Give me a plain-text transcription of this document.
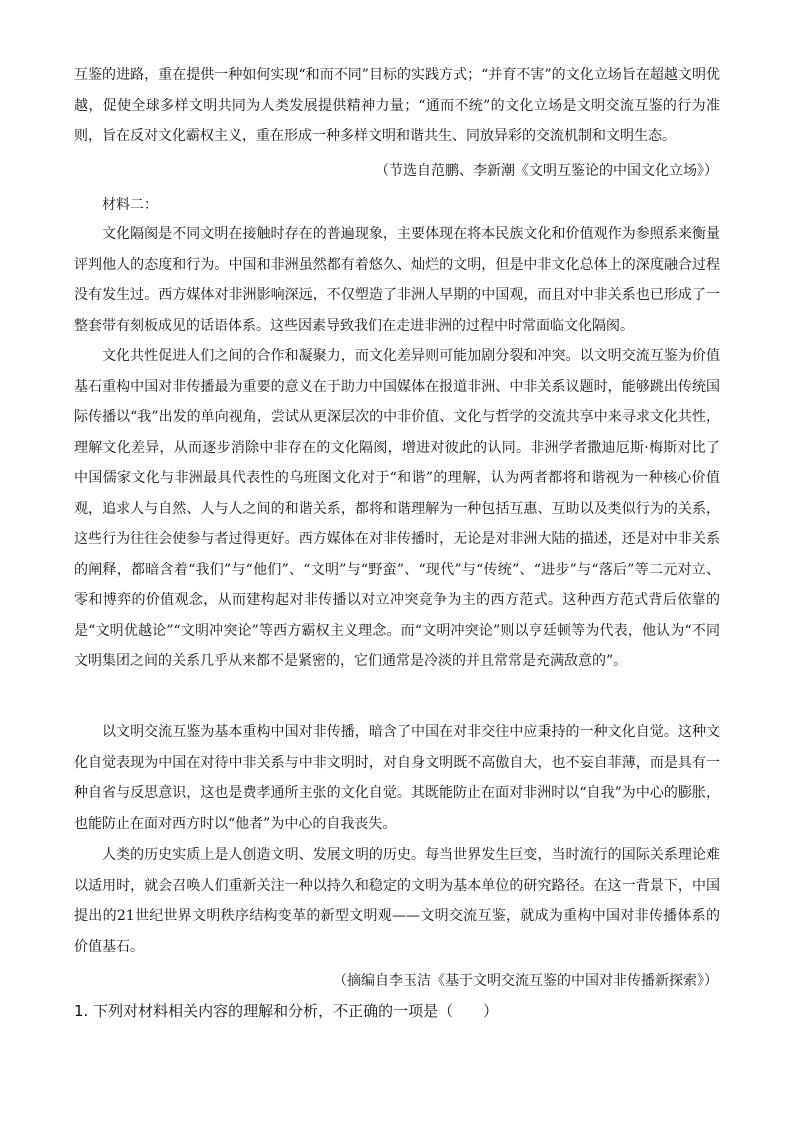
互鉴的进路，重在提供一种如何实现“和而不同”目标的实践方式；“并育不害”的文化立场旨在超越文明优越，促使全球多样文明共同为人类发展提供精神力量；“通而不统”的文化立场是文明交流互鉴的行为准则，旨在反对文化霸权主义，重在形成一种多样文明和谐共生、同放异彩的交流机制和文明生态。

（节选自范鹏、李新潮《文明互鉴论的中国文化立场》）
材料二：

文化隔阂是不同文明在接触时存在的普遍现象，主要体现在将本民族文化和价值观作为参照系来衡量评判他人的态度和行为。中国和非洲虽然都有着悠久、灿烂的文明，但是中非文化总体上的深度融合过程没有发生过。西方媒体对非洲影响深远，不仅塑造了非洲人早期的中国观，而且对中非关系也已形成了一整套带有刻板成见的话语体系。这些因素导致我们在走进非洲的过程中时常面临文化隔阂。

文化共性促进人们之间的合作和凝聚力，而文化差异则可能加剧分裂和冲突。以文明交流互鉴为价值基石重构中国对非传播最为重要的意义在于助力中国媒体在报道非洲、中非关系议题时，能够跳出传统国际传播以“我”出发的单向视角，尝试从更深层次的中非价值、文化与哲学的交流共享中来寻求文化共性，理解文化差异，从而逐步消除中非存在的文化隔阂，增进对彼此的认同。非洲学者撒迪厄斯·梅斯对比了中国儒家文化与非洲最具代表性的乌班图文化对于“和谐”的理解，认为两者都将和谐视为一种核心价值观，追求人与自然、人与人之间的和谐关系，都将和谐理解为一种包括互惠、互助以及类似行为的关系，这些行为往往会使参与者过得更好。西方媒体在对非传播时，无论是对非洲大陆的描述，还是对中非关系的阐释，都暗含着“我们”与“他们”、“文明”与“野蛮”、“现代”与“传统”、“进步”与“落后”等二元对立、零和博弈的价值观念，从而建构起对非传播以对立冲突竞争为主的西方范式。这种西方范式背后依靠的是“文明优越论”“文明冲突论”等西方霸权主义理念。而“文明冲突论”则以亨廷顿等为代表，他认为“不同文明集团之间的关系几乎从来都不是紧密的，它们通常是冷淡的并且常常是充满敌意的”。

以文明交流互鉴为基本重构中国对非传播，暗含了中国在对非交往中应秉持的一种文化自觉。这种文化自觉表现为中国在对待中非关系与中非文明时，对自身文明既不高傲自大，也不妄自菲薄，而是具有一种自省与反思意识，这也是费孝通所主张的文化自觉。其既能防止在面对非洲时以“自我”为中心的膨胀，也能防止在面对西方时以“他者”为中心的自我丧失。

人类的历史实质上是人创造文明、发展文明的历史。每当世界发生巨变，当时流行的国际关系理论难以适用时，就会召唤人们重新关注一种以持久和稳定的文明为基本单位的研究路径。在这一背景下，中国提出的21世纪世界文明秩序结构变革的新型文明观——文明交流互鉴，就成为重构中国对非传播体系的价值基石。

（摘编自李玉洁《基于文明交流互鉴的中国对非传播新探索》）
1. 下列对材料相关内容的理解和分析，不正确的一项是（　　）
